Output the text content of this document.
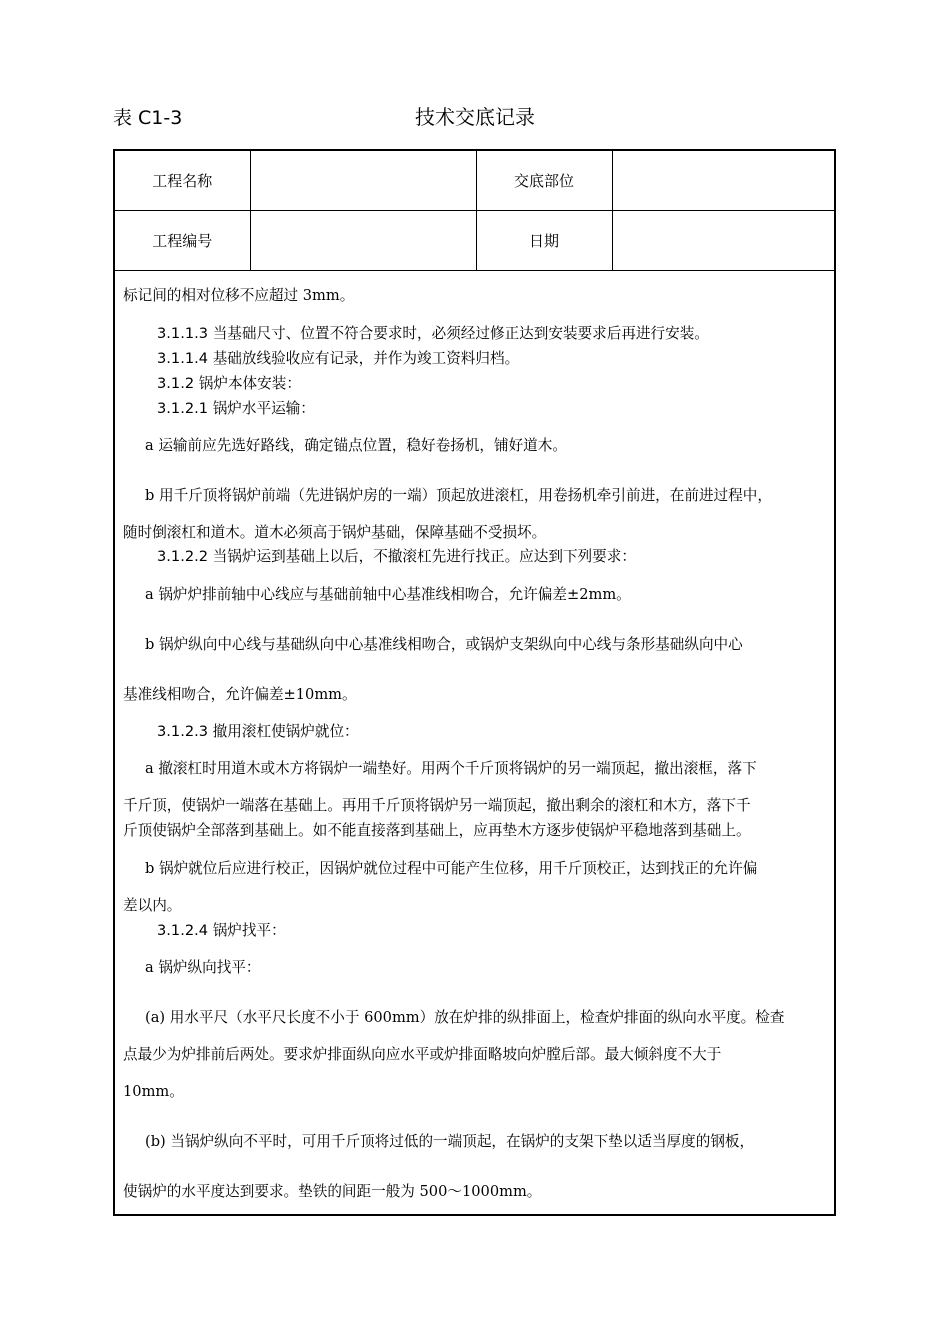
表 C1-3	技术交底记录
工程名称		交底部位	
工程编号		日期	
标记间的相对位移不应超过 3mm。
3.1.1.3 当基础尺寸、位置不符合要求时，必须经过修正达到安装要求后再进行安装。
3.1.1.4 基础放线验收应有记录，并作为竣工资料归档。
3.1.2 锅炉本体安装：
3.1.2.1 锅炉水平运输：
a 运输前应先选好路线，确定锚点位置，稳好卷扬机，铺好道木。
b 用千斤顶将锅炉前端（先进锅炉房的一端）顶起放进滚杠，用卷扬机牵引前进，在前进过程中，
随时倒滚杠和道木。道木必须高于锅炉基础，保障基础不受损坏。
3.1.2.2 当锅炉运到基础上以后，不撤滚杠先进行找正。应达到下列要求：
a 锅炉炉排前轴中心线应与基础前轴中心基准线相吻合，允许偏差±2mm。
b 锅炉纵向中心线与基础纵向中心基准线相吻合，或锅炉支架纵向中心线与条形基础纵向中心
基准线相吻合，允许偏差±10mm。
3.1.2.3 撤用滚杠使锅炉就位：
a 撤滚杠时用道木或木方将锅炉一端垫好。用两个千斤顶将锅炉的另一端顶起，撤出滚框，落下
千斤顶，使锅炉一端落在基础上。再用千斤顶将锅炉另一端顶起，撤出剩余的滚杠和木方，落下千
斤顶使锅炉全部落到基础上。如不能直接落到基础上，应再垫木方逐步使锅炉平稳地落到基础上。
b 锅炉就位后应进行校正，因锅炉就位过程中可能产生位移，用千斤顶校正，达到找正的允许偏
差以内。
3.1.2.4 锅炉找平：
a 锅炉纵向找平：
(a) 用水平尺（水平尺长度不小于 600mm）放在炉排的纵排面上，检查炉排面的纵向水平度。检查
点最少为炉排前后两处。要求炉排面纵向应水平或炉排面略坡向炉膛后部。最大倾斜度不大于
10mm。
(b) 当锅炉纵向不平时，可用千斤顶将过低的一端顶起，在锅炉的支架下垫以适当厚度的钢板，
使锅炉的水平度达到要求。垫铁的间距一般为 500～1000mm。
